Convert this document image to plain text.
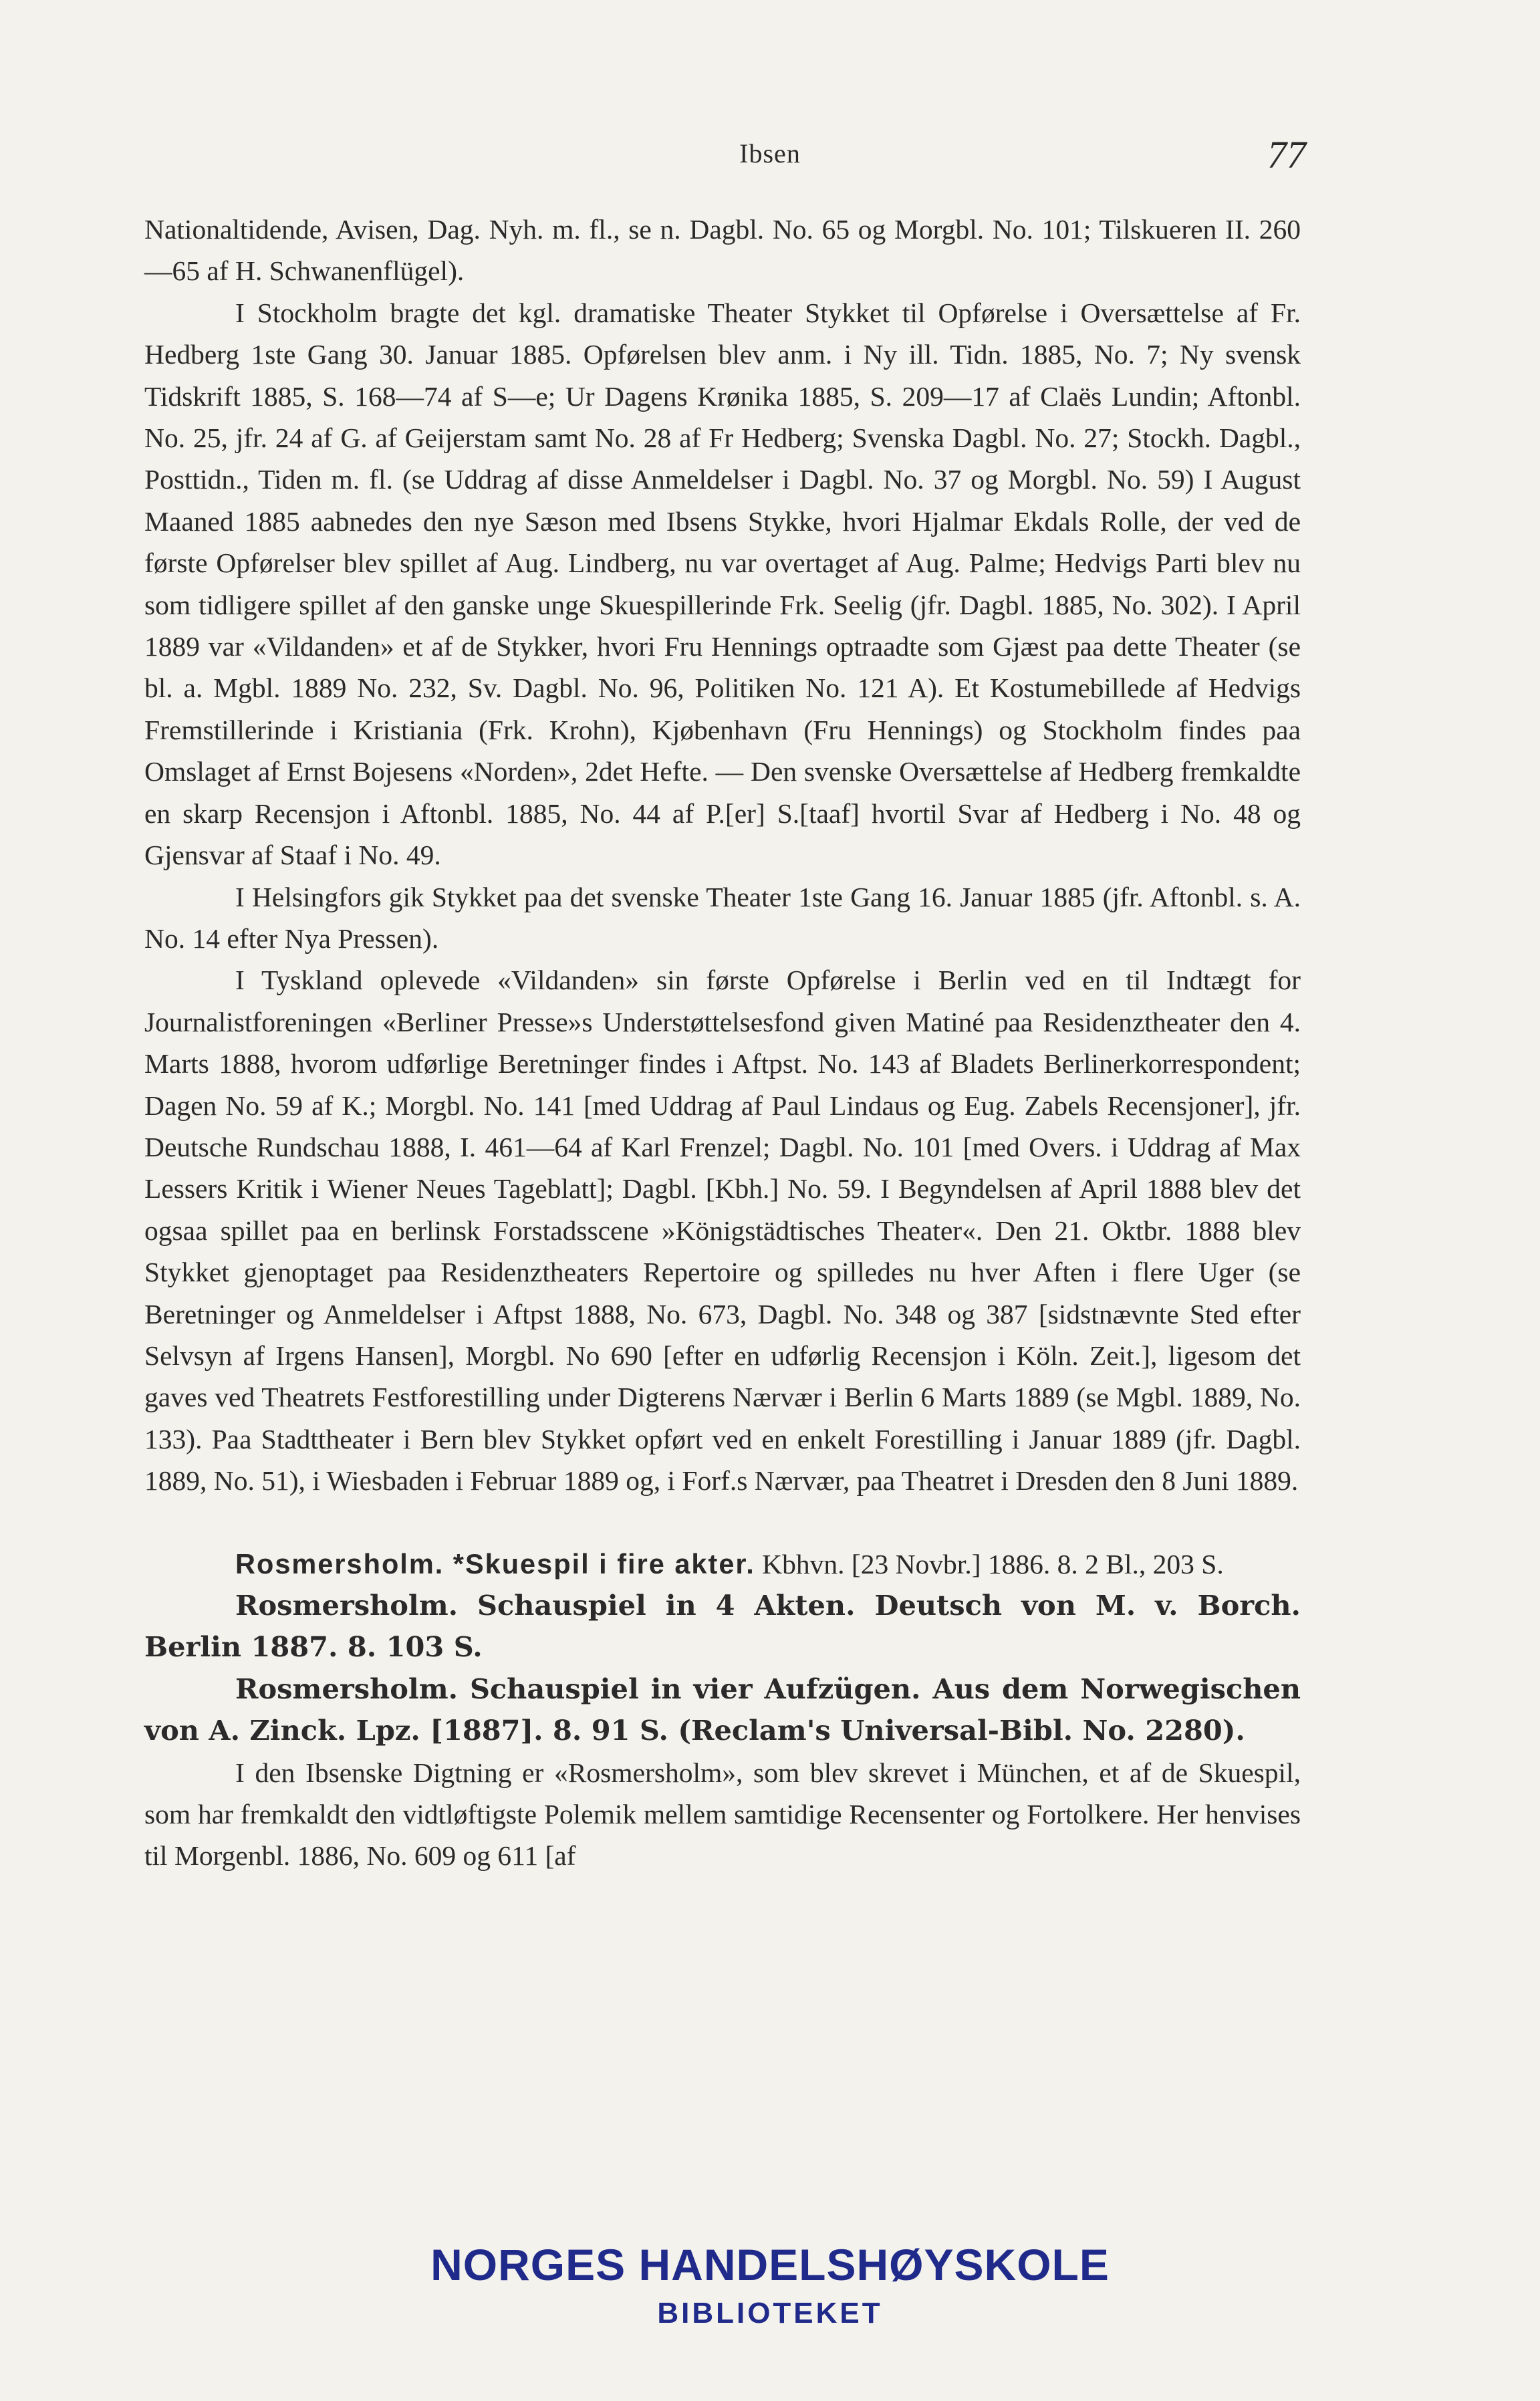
Ibsen	77

Nationaltidende, Avisen, Dag. Nyh. m. fl., se n. Dagbl. No. 65 og Morgbl. No. 101; Tilskueren II. 260—65 af H. Schwanenflügel).

I Stockholm bragte det kgl. dramatiske Theater Stykket til Opførelse i Oversættelse af Fr. Hedberg 1ste Gang 30. Januar 1885. Opførelsen blev anm. i Ny ill. Tidn. 1885, No. 7; Ny svensk Tidskrift 1885, S. 168—74 af S—e; Ur Dagens Krønika 1885, S. 209—17 af Claës Lundin; Aftonbl. No. 25, jfr. 24 af G. af Geijerstam samt No. 28 af Fr Hedberg; Svenska Dagbl. No. 27; Stockh. Dagbl., Posttidn., Tiden m. fl. (se Uddrag af disse Anmeldelser i Dagbl. No. 37 og Morgbl. No. 59) I August Maaned 1885 aabnedes den nye Sæson med Ibsens Stykke, hvori Hjalmar Ekdals Rolle, der ved de første Opførelser blev spillet af Aug. Lindberg, nu var overtaget af Aug. Palme; Hedvigs Parti blev nu som tidligere spillet af den ganske unge Skuespillerinde Frk. Seelig (jfr. Dagbl. 1885, No. 302). I April 1889 var «Vildanden» et af de Stykker, hvori Fru Hennings optraadte som Gjæst paa dette Theater (se bl. a. Mgbl. 1889 No. 232, Sv. Dagbl. No. 96, Politiken No. 121 A). Et Kostumebillede af Hedvigs Fremstillerinde i Kristiania (Frk. Krohn), Kjøbenhavn (Fru Hennings) og Stockholm findes paa Omslaget af Ernst Bojesens «Norden», 2det Hefte. — Den svenske Oversættelse af Hedberg fremkaldte en skarp Recensjon i Aftonbl. 1885, No. 44 af P.[er] S.[taaf] hvortil Svar af Hedberg i No. 48 og Gjensvar af Staaf i No. 49.

I Helsingfors gik Stykket paa det svenske Theater 1ste Gang 16. Januar 1885 (jfr. Aftonbl. s. A. No. 14 efter Nya Pressen).

I Tyskland oplevede «Vildanden» sin første Opførelse i Berlin ved en til Indtægt for Journalistforeningen «Berliner Presse»s Understøttelsesfond given Matiné paa Residenztheater den 4. Marts 1888, hvorom udførlige Beretninger findes i Aftpst. No. 143 af Bladets Berlinerkorrespondent; Dagen No. 59 af K.; Morgbl. No. 141 [med Uddrag af Paul Lindaus og Eug. Zabels Recensjoner], jfr. Deutsche Rundschau 1888, I. 461—64 af Karl Frenzel; Dagbl. No. 101 [med Overs. i Uddrag af Max Lessers Kritik i Wiener Neues Tageblatt]; Dagbl. [Kbh.] No. 59. I Begyndelsen af April 1888 blev det ogsaa spillet paa en berlinsk Forstadsscene »Königstädtisches Theater«. Den 21. Oktbr. 1888 blev Stykket gjenoptaget paa Residenztheaters Repertoire og spilledes nu hver Aften i flere Uger (se Beretninger og Anmeldelser i Aftpst 1888, No. 673, Dagbl. No. 348 og 387 [sidstnævnte Sted efter Selvsyn af Irgens Hansen], Morgbl. No 690 [efter en udførlig Recensjon i Köln. Zeit.], ligesom det gaves ved Theatrets Festforestilling under Digterens Nærvær i Berlin 6 Marts 1889 (se Mgbl. 1889, No. 133). Paa Stadttheater i Bern blev Stykket opført ved en enkelt Forestilling i Januar 1889 (jfr. Dagbl. 1889, No. 51), i Wiesbaden i Februar 1889 og, i Forf.s Nærvær, paa Theatret i Dresden den 8 Juni 1889.

Rosmersholm. *Skuespil i fire akter. Kbhvn. [23 Novbr.] 1886. 8. 2 Bl., 203 S.

Rosmersholm. Schauspiel in 4 Akten. Deutsch von M. v. Borch. Berlin 1887. 8. 103 S.

Rosmersholm. Schauspiel in vier Aufzügen. Aus dem Norwegischen von A. Zinck. Lpz. [1887]. 8. 91 S. (Reclam's Universal-Bibl. No. 2280).

I den Ibsenske Digtning er «Rosmersholm», som blev skrevet i München, et af de Skuespil, som har fremkaldt den vidtløftigste Polemik mellem samtidige Recensenter og Fortolkere. Her henvises til Morgenbl. 1886, No. 609 og 611 [af

NORGES HANDELSHØYSKOLE
BIBLIOTEKET
